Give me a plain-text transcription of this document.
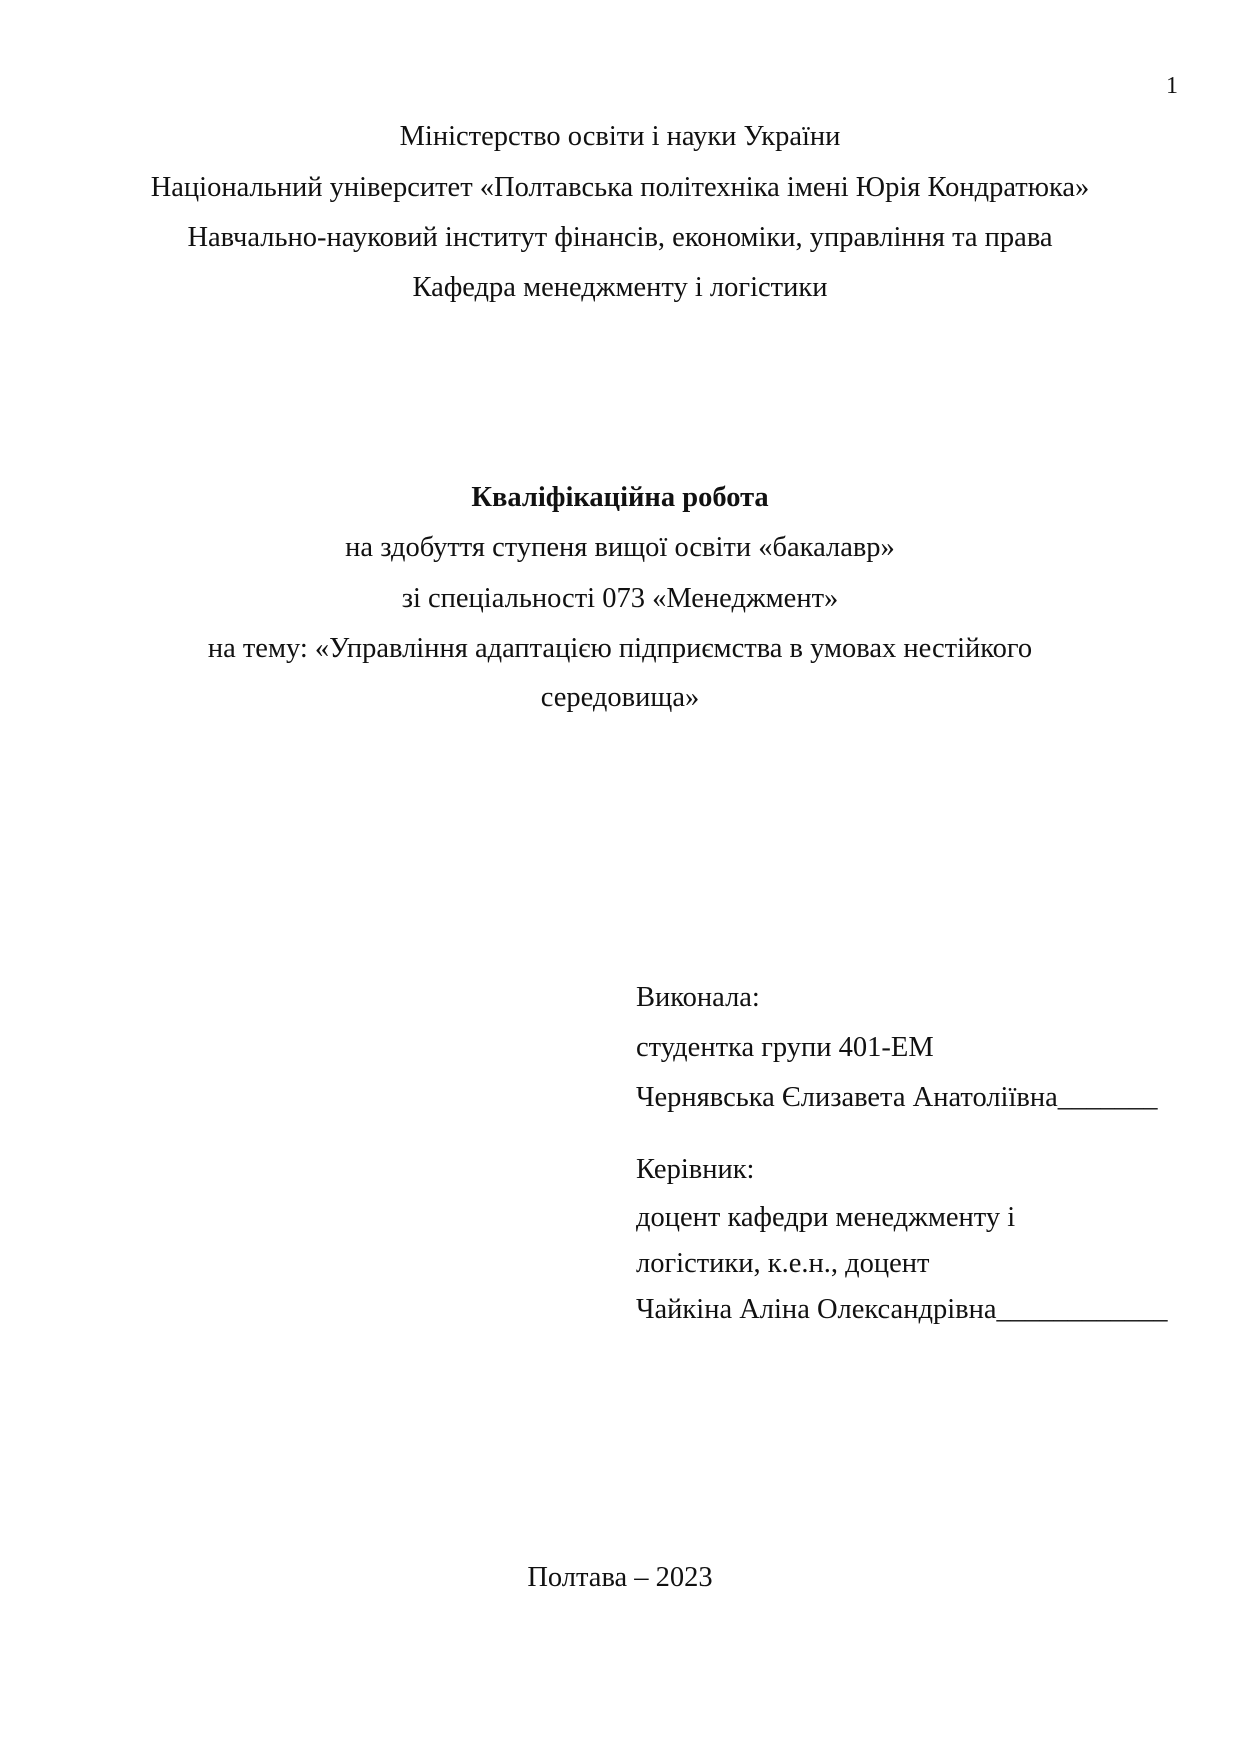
1
Міністерство освіти і науки України
Національний університет «Полтавська політехніка імені Юрія Кондратюка»
Навчально-науковий інститут фінансів, економіки, управління та права
Кафедра менеджменту і логістики
Кваліфікаційна робота
на здобуття ступеня вищої освіти «бакалавр»
зі спеціальності 073 «Менеджмент»
на тему: «Управління адаптацією підприємства в умовах нестійкого
середовища»
Виконала:
студентка групи 401-ЕМ
Чернявська Єлизавета Анатоліївна_______
Керівник:
доцент кафедри менеджменту і
логістики, к.е.н., доцент
Чайкіна Аліна Олександрівна____________
Полтава – 2023
